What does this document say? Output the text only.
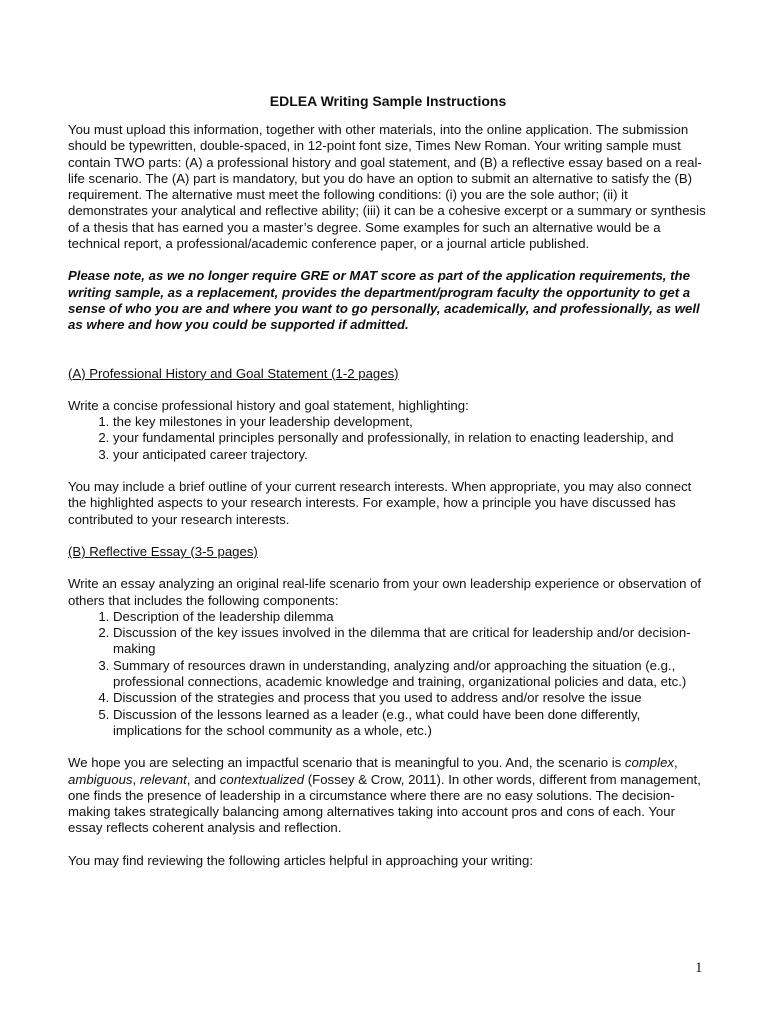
EDLEA Writing Sample Instructions

You must upload this information, together with other materials, into the online application. The submission should be typewritten, double-spaced, in 12-point font size, Times New Roman. Your writing sample must contain TWO parts: (A) a professional history and goal statement, and (B) a reflective essay based on a real-life scenario. The (A) part is mandatory, but you do have an option to submit an alternative to satisfy the (B) requirement. The alternative must meet the following conditions: (i) you are the sole author; (ii) it demonstrates your analytical and reflective ability; (iii) it can be a cohesive excerpt or a summary or synthesis of a thesis that has earned you a master’s degree. Some examples for such an alternative would be a technical report, a professional/academic conference paper, or a journal article published.

Please note, as we no longer require GRE or MAT score as part of the application requirements, the writing sample, as a replacement, provides the department/program faculty the opportunity to get a sense of who you are and where you want to go personally, academically, and professionally, as well as where and how you could be supported if admitted.

(A) Professional History and Goal Statement (1-2 pages)

Write a concise professional history and goal statement, highlighting:

1. the key milestones in your leadership development,
2. your fundamental principles personally and professionally, in relation to enacting leadership, and
3. your anticipated career trajectory.

You may include a brief outline of your current research interests. When appropriate, you may also connect the highlighted aspects to your research interests. For example, how a principle you have discussed has contributed to your research interests.

(B) Reflective Essay (3-5 pages)

Write an essay analyzing an original real-life scenario from your own leadership experience or observation of others that includes the following components:

1. Description of the leadership dilemma
2. Discussion of the key issues involved in the dilemma that are critical for leadership and/or decision-making
3. Summary of resources drawn in understanding, analyzing and/or approaching the situation (e.g., professional connections, academic knowledge and training, organizational policies and data, etc.)
4. Discussion of the strategies and process that you used to address and/or resolve the issue
5. Discussion of the lessons learned as a leader (e.g., what could have been done differently, implications for the school community as a whole, etc.)

We hope you are selecting an impactful scenario that is meaningful to you. And, the scenario is complex, ambiguous, relevant, and contextualized (Fossey & Crow, 2011). In other words, different from management, one finds the presence of leadership in a circumstance where there are no easy solutions. The decision-making takes strategically balancing among alternatives taking into account pros and cons of each. Your essay reflects coherent analysis and reflection.

You may find reviewing the following articles helpful in approaching your writing:

1
